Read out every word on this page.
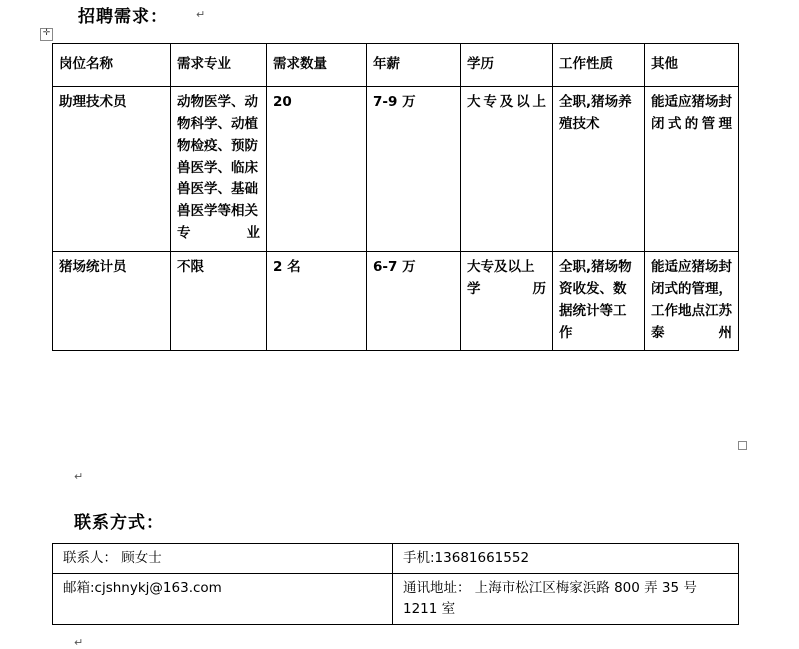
招聘需求：	↵
✛
岗位名称	需求专业	需求数量	年薪	学历	工作性质	其他
助理技术员	动物医学、动物科学、动植物检疫、预防兽医学、临床兽医学、基础兽医学等相关专业	20	7-9 万	大专及以上	全职,猪场养殖技术	能适应猪场封闭式的管理
猪场统计员	不限	2 名	6-7 万	大专及以上学历	全职,猪场物资收发、数据统计等工作	能适应猪场封闭式的管理，工作地点江苏泰州
↵
联系方式：
联系人： 顾女士	手机:13681661552
邮箱:cjshnykj@163.com	通讯地址： 上海市松江区梅家浜路 800 弄 35 号 1211 室
↵
